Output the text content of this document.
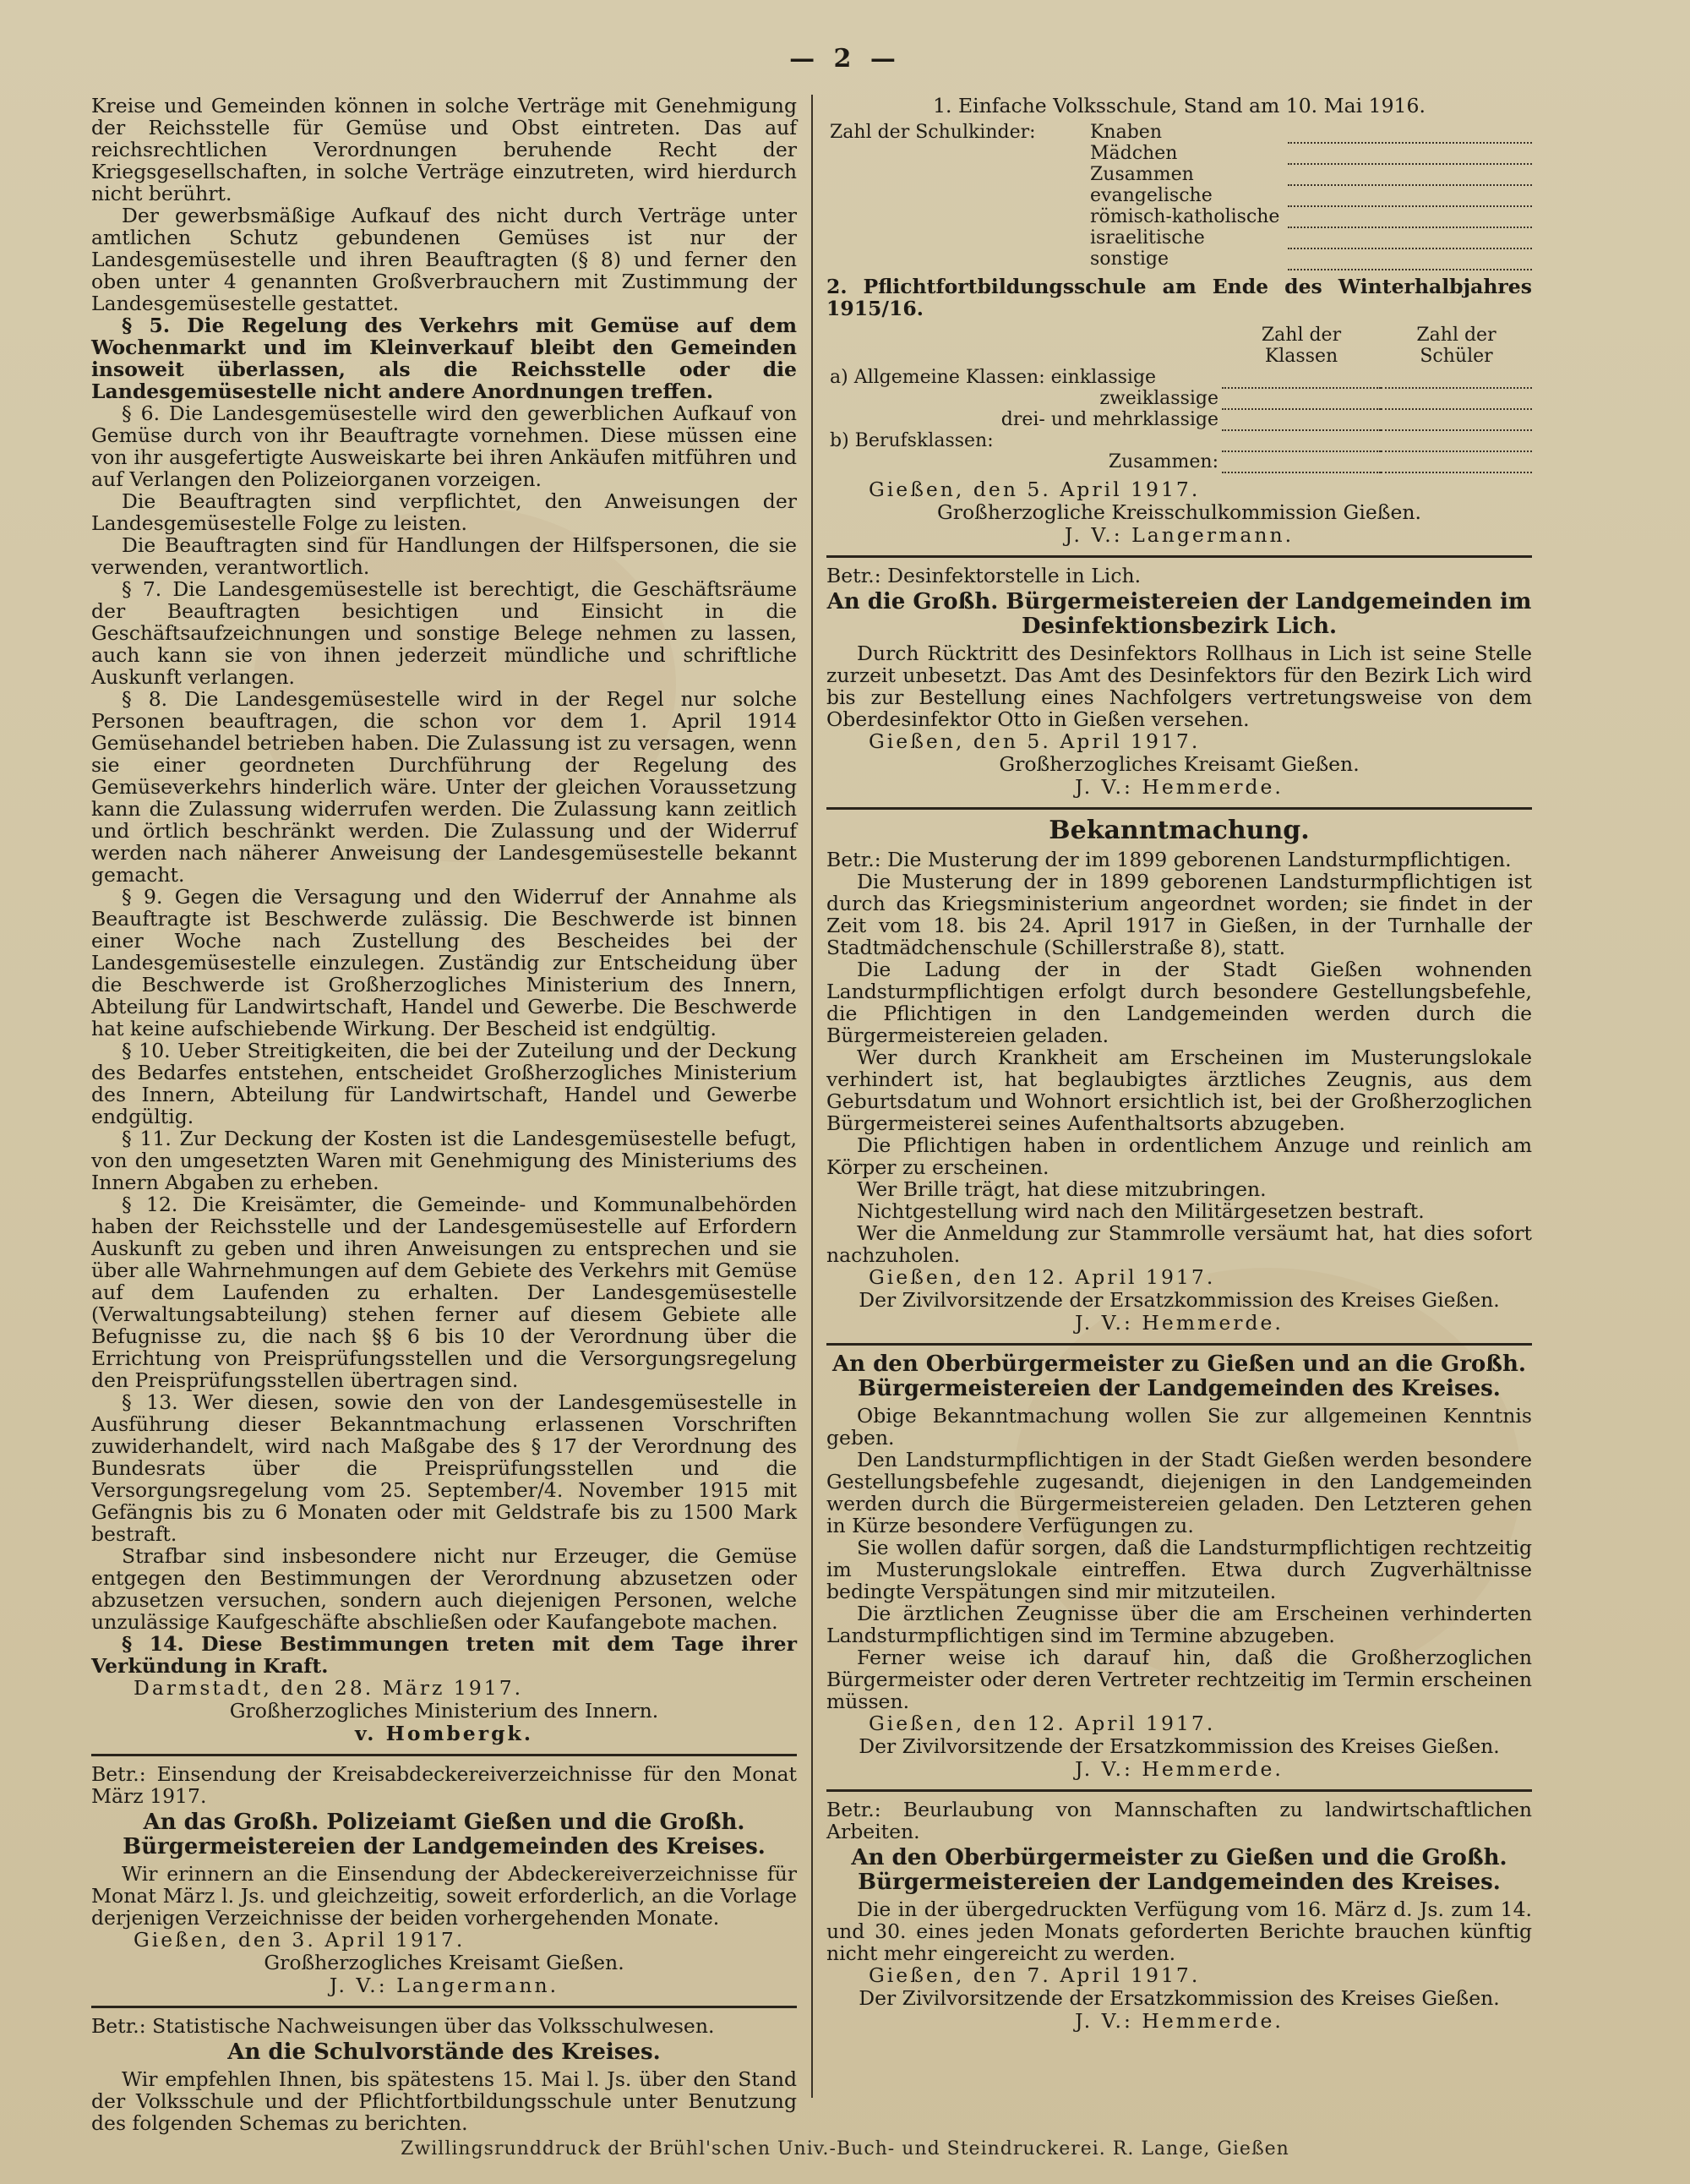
— 2 —

Kreise und Gemeinden können in solche Verträge mit Genehmigung der Reichsstelle für Gemüse und Obst eintreten. Das auf reichsrechtlichen Verordnungen beruhende Recht der Kriegsgesellschaften, in solche Verträge einzutreten, wird hierdurch nicht berührt.

Der gewerbsmäßige Aufkauf des nicht durch Verträge unter amtlichen Schutz gebundenen Gemüses ist nur der Landesgemüsestelle und ihren Beauftragten (§ 8) und ferner den oben unter 4 genannten Großverbrauchern mit Zustimmung der Landesgemüsestelle gestattet.

§ 5. Die Regelung des Verkehrs mit Gemüse auf dem Wochenmarkt und im Kleinverkauf bleibt den Gemeinden insoweit überlassen, als die Reichsstelle oder die Landesgemüsestelle nicht andere Anordnungen treffen.

§ 6. Die Landesgemüsestelle wird den gewerblichen Aufkauf von Gemüse durch von ihr Beauftragte vornehmen. Diese müssen eine von ihr ausgefertigte Ausweiskarte bei ihren Ankäufen mitführen und auf Verlangen den Polizeiorganen vorzeigen.

Die Beauftragten sind verpflichtet, den Anweisungen der Landesgemüsestelle Folge zu leisten.

Die Beauftragten sind für Handlungen der Hilfspersonen, die sie verwenden, verantwortlich.

§ 7. Die Landesgemüsestelle ist berechtigt, die Geschäftsräume der Beauftragten besichtigen und Einsicht in die Geschäftsaufzeichnungen und sonstige Belege nehmen zu lassen, auch kann sie von ihnen jederzeit mündliche und schriftliche Auskunft verlangen.

§ 8. Die Landesgemüsestelle wird in der Regel nur solche Personen beauftragen, die schon vor dem 1. April 1914 Gemüsehandel betrieben haben. Die Zulassung ist zu versagen, wenn sie einer geordneten Durchführung der Regelung des Gemüseverkehrs hinderlich wäre. Unter der gleichen Voraussetzung kann die Zulassung widerrufen werden. Die Zulassung kann zeitlich und örtlich beschränkt werden. Die Zulassung und der Widerruf werden nach näherer Anweisung der Landesgemüsestelle bekannt gemacht.

§ 9. Gegen die Versagung und den Widerruf der Annahme als Beauftragte ist Beschwerde zulässig. Die Beschwerde ist binnen einer Woche nach Zustellung des Bescheides bei der Landesgemüsestelle einzulegen. Zuständig zur Entscheidung über die Beschwerde ist Großherzogliches Ministerium des Innern, Abteilung für Landwirtschaft, Handel und Gewerbe. Die Beschwerde hat keine aufschiebende Wirkung. Der Bescheid ist endgültig.

§ 10. Ueber Streitigkeiten, die bei der Zuteilung und der Deckung des Bedarfes entstehen, entscheidet Großherzogliches Ministerium des Innern, Abteilung für Landwirtschaft, Handel und Gewerbe endgültig.

§ 11. Zur Deckung der Kosten ist die Landesgemüsestelle befugt, von den umgesetzten Waren mit Genehmigung des Ministeriums des Innern Abgaben zu erheben.

§ 12. Die Kreisämter, die Gemeinde- und Kommunalbehörden haben der Reichsstelle und der Landesgemüsestelle auf Erfordern Auskunft zu geben und ihren Anweisungen zu entsprechen und sie über alle Wahrnehmungen auf dem Gebiete des Verkehrs mit Gemüse auf dem Laufenden zu erhalten. Der Landesgemüsestelle (Verwaltungsabteilung) stehen ferner auf diesem Gebiete alle Befugnisse zu, die nach §§ 6 bis 10 der Verordnung über die Errichtung von Preisprüfungsstellen und die Versorgungsregelung den Preisprüfungsstellen übertragen sind.

§ 13. Wer diesen, sowie den von der Landesgemüsestelle in Ausführung dieser Bekanntmachung erlassenen Vorschriften zuwiderhandelt, wird nach Maßgabe des § 17 der Verordnung des Bundesrats über die Preisprüfungsstellen und die Versorgungsregelung vom 25. September/4. November 1915 mit Gefängnis bis zu 6 Monaten oder mit Geldstrafe bis zu 1500 Mark bestraft.

Strafbar sind insbesondere nicht nur Erzeuger, die Gemüse entgegen den Bestimmungen der Verordnung abzusetzen oder abzusetzen versuchen, sondern auch diejenigen Personen, welche unzulässige Kaufgeschäfte abschließen oder Kaufangebote machen.

§ 14. Diese Bestimmungen treten mit dem Tage ihrer Verkündung in Kraft.

Darmstadt, den 28. März 1917.
Großherzogliches Ministerium des Innern.
v. Hombergk.

Betr.: Einsendung der Kreisabdeckereiverzeichnisse für den Monat März 1917.

An das Großh. Polizeiamt Gießen und die Großh. Bürgermeistereien der Landgemeinden des Kreises.

Wir erinnern an die Einsendung der Abdeckereiverzeichnisse für Monat März l. Js. und gleichzeitig, soweit erforderlich, an die Vorlage derjenigen Verzeichnisse der beiden vorhergehenden Monate.

Gießen, den 3. April 1917.
Großherzogliches Kreisamt Gießen.
J. V.: Langermann.

Betr.: Statistische Nachweisungen über das Volksschulwesen.

An die Schulvorstände des Kreises.

Wir empfehlen Ihnen, bis spätestens 15. Mai l. Js. über den Stand der Volksschule und der Pflichtfortbildungsschule unter Benutzung des folgenden Schemas zu berichten.

1. Einfache Volksschule, Stand am 10. Mai 1916.

Zahl der Schulkinder:	Knaben	
	Mädchen	
	Zusammen	
	evangelische	
	römisch-katholische	
	israelitische	
	sonstige	

2. Pflichtfortbildungsschule am Ende des Winterhalbjahres 1915/16.

	Zahl der Klassen	Zahl der Schüler
a) Allgemeine Klassen: einklassige		
zweiklassige		
drei- und mehrklassige		
b) Berufsklassen:		
Zusammen:		
Gießen, den 5. April 1917.
Großherzogliche Kreisschulkommission Gießen.
J. V.: Langermann.

Betr.: Desinfektorstelle in Lich.

An die Großh. Bürgermeistereien der Landgemeinden im Desinfektionsbezirk Lich.

Durch Rücktritt des Desinfektors Rollhaus in Lich ist seine Stelle zurzeit unbesetzt. Das Amt des Desinfektors für den Bezirk Lich wird bis zur Bestellung eines Nachfolgers vertretungsweise von dem Oberdesinfektor Otto in Gießen versehen.

Gießen, den 5. April 1917.
Großherzogliches Kreisamt Gießen.
J. V.: Hemmerde.
Bekanntmachung.

Betr.: Die Musterung der im 1899 geborenen Landsturmpflichtigen.

Die Musterung der in 1899 geborenen Landsturmpflichtigen ist durch das Kriegsministerium angeordnet worden; sie findet in der Zeit vom 18. bis 24. April 1917 in Gießen, in der Turnhalle der Stadtmädchenschule (Schillerstraße 8), statt.

Die Ladung der in der Stadt Gießen wohnenden Landsturmpflichtigen erfolgt durch besondere Gestellungsbefehle, die Pflichtigen in den Landgemeinden werden durch die Bürgermeistereien geladen.

Wer durch Krankheit am Erscheinen im Musterungslokale verhindert ist, hat beglaubigtes ärztliches Zeugnis, aus dem Geburtsdatum und Wohnort ersichtlich ist, bei der Großherzoglichen Bürgermeisterei seines Aufenthaltsorts abzugeben.

Die Pflichtigen haben in ordentlichem Anzuge und reinlich am Körper zu erscheinen.

Wer Brille trägt, hat diese mitzubringen.

Nichtgestellung wird nach den Militärgesetzen bestraft.

Wer die Anmeldung zur Stammrolle versäumt hat, hat dies sofort nachzuholen.

Gießen, den 12. April 1917.
Der Zivilvorsitzende der Ersatzkommission des Kreises Gießen.
J. V.: Hemmerde.
An den Oberbürgermeister zu Gießen und an die Großh. Bürgermeistereien der Landgemeinden des Kreises.

Obige Bekanntmachung wollen Sie zur allgemeinen Kenntnis geben.

Den Landsturmpflichtigen in der Stadt Gießen werden besondere Gestellungsbefehle zugesandt, diejenigen in den Landgemeinden werden durch die Bürgermeistereien geladen. Den Letzteren gehen in Kürze besondere Verfügungen zu.

Sie wollen dafür sorgen, daß die Landsturmpflichtigen rechtzeitig im Musterungslokale eintreffen. Etwa durch Zugverhältnisse bedingte Verspätungen sind mir mitzuteilen.

Die ärztlichen Zeugnisse über die am Erscheinen verhinderten Landsturmpflichtigen sind im Termine abzugeben.

Ferner weise ich darauf hin, daß die Großherzoglichen Bürgermeister oder deren Vertreter rechtzeitig im Termin erscheinen müssen.

Gießen, den 12. April 1917.
Der Zivilvorsitzende der Ersatzkommission des Kreises Gießen.
J. V.: Hemmerde.

Betr.: Beurlaubung von Mannschaften zu landwirtschaftlichen Arbeiten.

An den Oberbürgermeister zu Gießen und die Großh. Bürgermeistereien der Landgemeinden des Kreises.

Die in der übergedruckten Verfügung vom 16. März d. Js. zum 14. und 30. eines jeden Monats geforderten Berichte brauchen künftig nicht mehr eingereicht zu werden.

Gießen, den 7. April 1917.
Der Zivilvorsitzende der Ersatzkommission des Kreises Gießen.
J. V.: Hemmerde.
Zwillingsrunddruck der Brühl'schen Univ.-Buch- und Steindruckerei. R. Lange, Gießen
